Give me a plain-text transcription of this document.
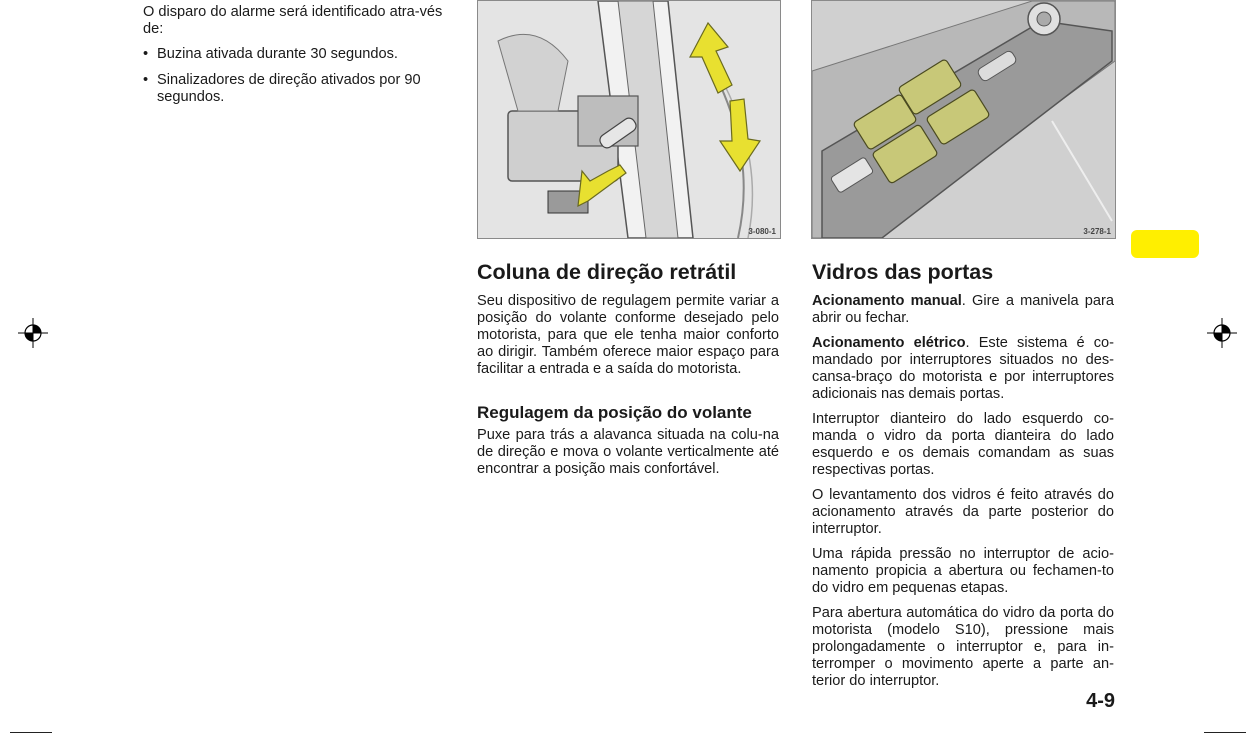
O disparo do alarme será identificado atra-vés de:

• Buzina ativada durante 30 segundos.
• Sinalizadores de direção ativados por 90 segundos.
3-080-1	3-278-1
Coluna de direção retrátil	Vidros das portas

Seu dispositivo de regulagem permite variar a posição do volante conforme desejado pelo motorista, para que ele tenha maior conforto ao dirigir. Também oferece maior espaço para facilitar a entrada e a saída do motorista.

Regulagem da posição do volante

Puxe para trás a alavanca situada na colu-na de direção e mova o volante verticalmente até encontrar a posição mais confortável.

Acionamento manual. Gire a manivela para abrir ou fechar.

Acionamento elétrico. Este sistema é co-mandado por interruptores situados no des-cansa-braço do motorista e por interruptores adicionais nas demais portas.

Interruptor dianteiro do lado esquerdo co-manda o vidro da porta dianteira do lado esquerdo e os demais comandam as suas respectivas portas.

O levantamento dos vidros é feito através do acionamento através da parte posterior do interruptor.

Uma rápida pressão no interruptor de acio-namento propicia a abertura ou fechamen-to do vidro em pequenas etapas.

Para abertura automática do vidro da porta do motorista (modelo S10), pressione mais prolongadamente o interruptor e, para in-terromper o movimento aperte a parte an-terior do interruptor.

4-9
